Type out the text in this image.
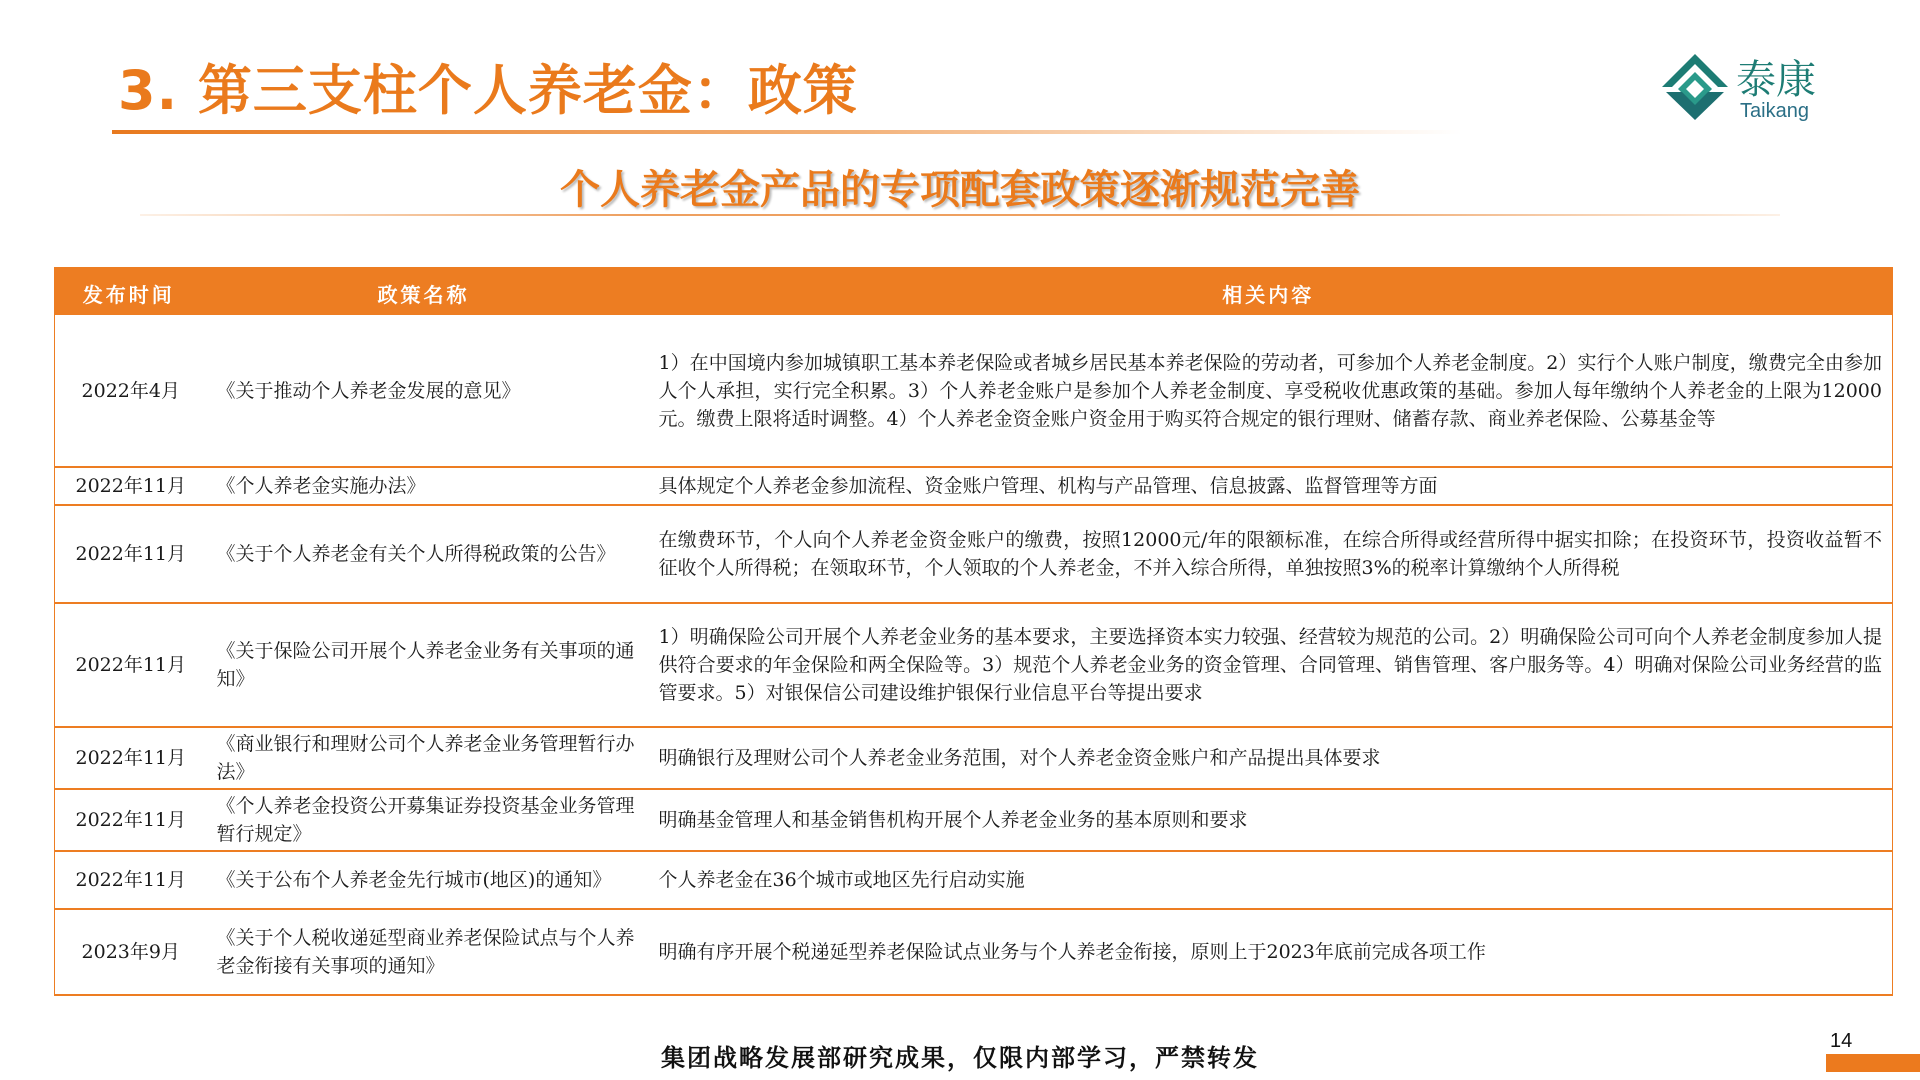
3. 第三支柱个人养老金：政策	泰康
Taikang
个人养老金产品的专项配套政策逐渐规范完善
发布时间	政策名称	相关内容
2022年4月	《关于推动个人养老金发展的意见》	1）在中国境内参加城镇职工基本养老保险或者城乡居民基本养老保险的劳动者，可参加个人养老金制度。2）实行个人账户制度，缴费完全由参加人个人承担，实行完全积累。3）个人养老金账户是参加个人养老金制度、享受税收优惠政策的基础。参加人每年缴纳个人养老金的上限为12000元。缴费上限将适时调整。4）个人养老金资金账户资金用于购买符合规定的银行理财、储蓄存款、商业养老保险、公募基金等
2022年11月	《个人养老金实施办法》	具体规定个人养老金参加流程、资金账户管理、机构与产品管理、信息披露、监督管理等方面
2022年11月	《关于个人养老金有关个人所得税政策的公告》	在缴费环节，个人向个人养老金资金账户的缴费，按照12000元/年的限额标准，在综合所得或经营所得中据实扣除；在投资环节，投资收益暂不征收个人所得税；在领取环节，个人领取的个人养老金，不并入综合所得，单独按照3%的税率计算缴纳个人所得税
2022年11月	《关于保险公司开展个人养老金业务有关事项的通知》	1）明确保险公司开展个人养老金业务的基本要求，主要选择资本实力较强、经营较为规范的公司。2）明确保险公司可向个人养老金制度参加人提供符合要求的年金保险和两全保险等。3）规范个人养老金业务的资金管理、合同管理、销售管理、客户服务等。4）明确对保险公司业务经营的监管要求。5）对银保信公司建设维护银保行业信息平台等提出要求
2022年11月	《商业银行和理财公司个人养老金业务管理暂行办法》	明确银行及理财公司个人养老金业务范围，对个人养老金资金账户和产品提出具体要求
2022年11月	《个人养老金投资公开募集证券投资基金业务管理暂行规定》	明确基金管理人和基金销售机构开展个人养老金业务的基本原则和要求
2022年11月	《关于公布个人养老金先行城市(地区)的通知》	个人养老金在36个城市或地区先行启动实施
2023年9月	《关于个人税收递延型商业养老保险试点与个人养老金衔接有关事项的通知》	明确有序开展个税递延型养老保险试点业务与个人养老金衔接，原则上于2023年底前完成各项工作
集团战略发展部研究成果，仅限内部学习，严禁转发
14
